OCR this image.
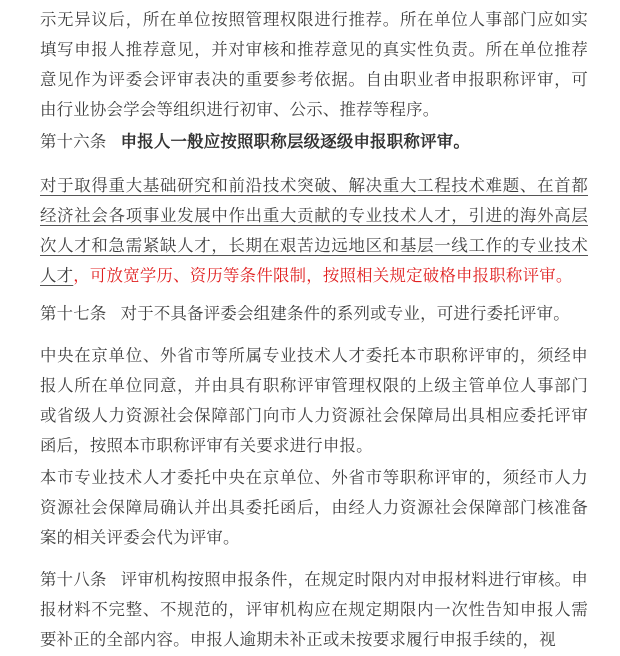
示无异议后，所在单位按照管理权限进行推荐。所在单位人事部门应如实填写申报人推荐意见，并对审核和推荐意见的真实性负责。所在单位推荐意见作为评委会评审表决的重要参考依据。自由职业者申报职称评审，可由行业协会学会等组织进行初审、公示、推荐等程序。

第十六条 申报人一般应按照职称层级逐级申报职称评审。

对于取得重大基础研究和前沿技术突破、解决重大工程技术难题、在首都经济社会各项事业发展中作出重大贡献的专业技术人才，引进的海外高层次人才和急需紧缺人才，长期在艰苦边远地区和基层一线工作的专业技术人才，可放宽学历、资历等条件限制，按照相关规定破格申报职称评审。

第十七条 对于不具备评委会组建条件的系列或专业，可进行委托评审。

中央在京单位、外省市等所属专业技术人才委托本市职称评审的，须经申报人所在单位同意，并由具有职称评审管理权限的上级主管单位人事部门或省级人力资源社会保障部门向市人力资源社会保障局出具相应委托评审函后，按照本市职称评审有关要求进行申报。

本市专业技术人才委托中央在京单位、外省市等职称评审的，须经市人力资源社会保障局确认并出具委托函后，由经人力资源社会保障部门核准备案的相关评委会代为评审。

第十八条 评审机构按照申报条件，在规定时限内对申报材料进行审核。申报材料不完整、不规范的，评审机构应在规定期限内一次性告知申报人需要补正的全部内容。申报人逾期未补正或未按要求履行申报手续的，视
